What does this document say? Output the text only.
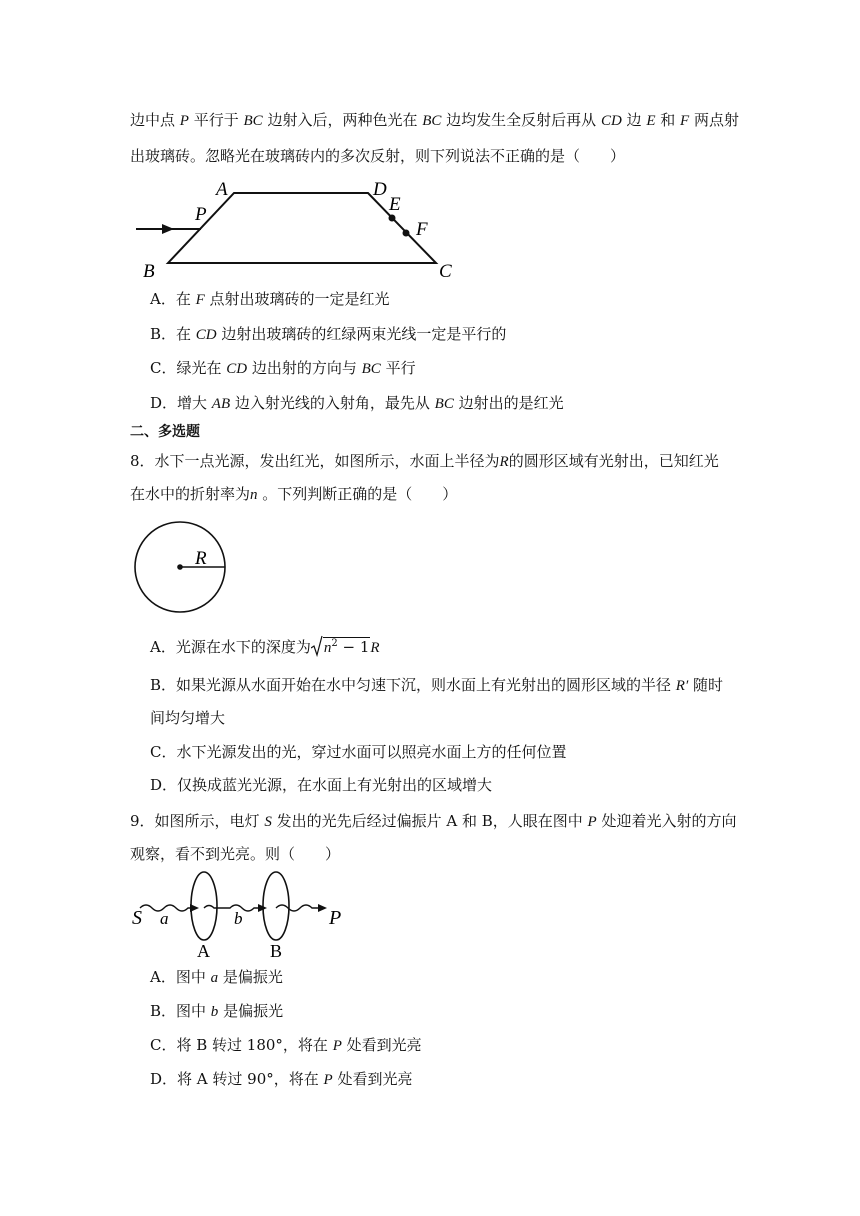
边中点 P 平行于 BC 边射入后，两种色光在 BC 边均发生全反射后再从 CD 边 E 和 F 两点射
出玻璃砖。忽略光在玻璃砖内的多次反射，则下列说法不正确的是（　　）
A	D
E
F
P
B	C
A．在 F 点射出玻璃砖的一定是红光
B．在 CD 边射出玻璃砖的红绿两束光线一定是平行的
C．绿光在 CD 边出射的方向与 BC 平行
D．增大 AB 边入射光线的入射角，最先从 BC 边射出的是红光
二、多选题
8．水下一点光源，发出红光，如图所示，水面上半径为R的圆形区域有光射出，已知红光
在水中的折射率为n 。下列判断正确的是（　　）
R
A．光源在水下的深度为 $n^2 - 1R$
B．如果光源从水面开始在水中匀速下沉，则水面上有光射出的圆形区域的半径 R′ 随时
间均匀增大
C．水下光源发出的光，穿过水面可以照亮水面上方的任何位置
D．仅换成蓝光光源，在水面上有光射出的区域增大
9．如图所示，电灯 S 发出的光先后经过偏振片 A 和 B，人眼在图中 P 处迎着光入射的方向
观察，看不到光亮。则（　　）
S a	b	P
A	B
A．图中 a 是偏振光
B．图中 b 是偏振光
C．将 B 转过 180°，将在 P 处看到光亮
D．将 A 转过 90°，将在 P 处看到光亮
